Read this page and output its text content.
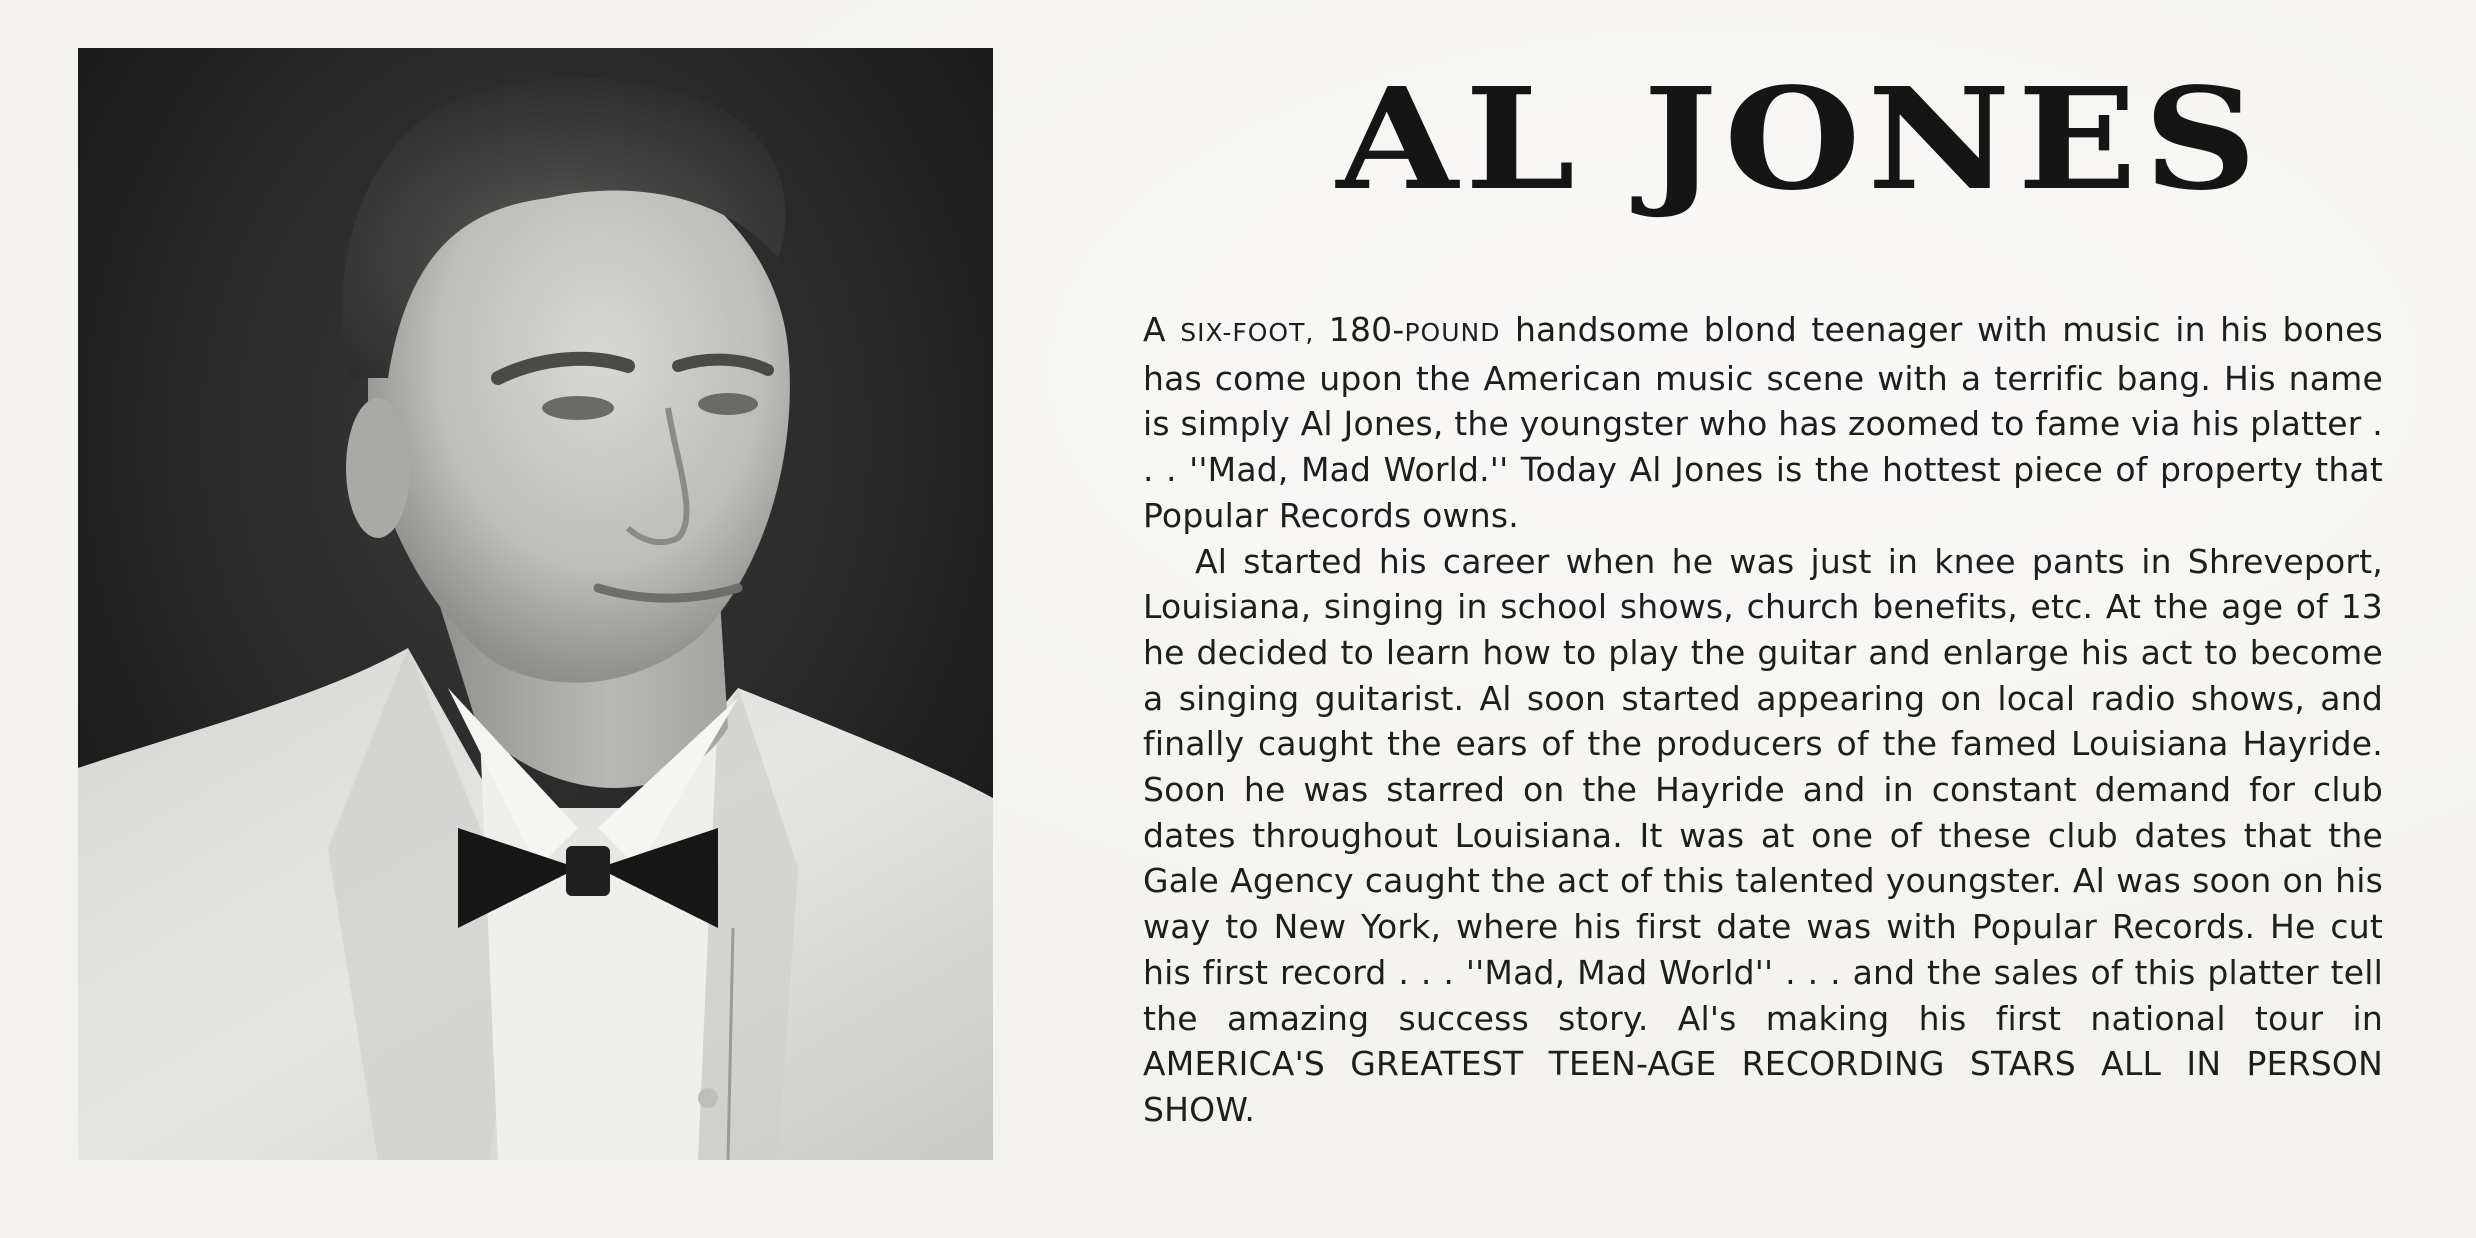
AL JONES

A SIX-FOOT, 180-POUND handsome blond teenager with music in his bones has come upon the American music scene with a terrific bang. His name is simply Al Jones, the youngster who has zoomed to fame via his platter . . . ''Mad, Mad World.'' Today Al Jones is the hottest piece of property that Popular Records owns.

Al started his career when he was just in knee pants in Shreveport, Louisiana, singing in school shows, church benefits, etc. At the age of 13 he decided to learn how to play the guitar and enlarge his act to become a singing guitarist. Al soon started appearing on local radio shows, and finally caught the ears of the producers of the famed Louisiana Hayride. Soon he was starred on the Hayride and in constant demand for club dates throughout Louisiana. It was at one of these club dates that the Gale Agency caught the act of this talented youngster. Al was soon on his way to New York, where his first date was with Popular Records. He cut his first record . . . ''Mad, Mad World'' . . . and the sales of this platter tell the amazing success story. Al's making his first national tour in AMERICA'S GREATEST TEEN-AGE RECORDING STARS ALL IN PERSON SHOW.
